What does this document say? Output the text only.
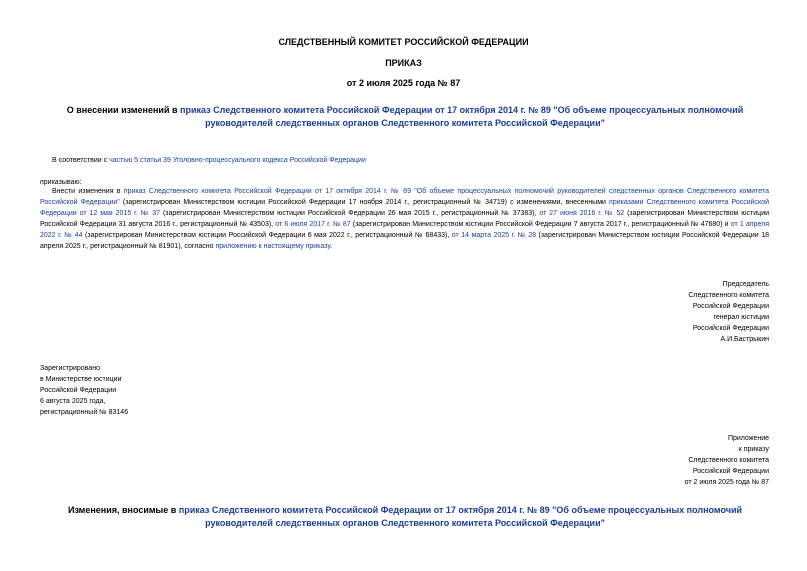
СЛЕДСТВЕННЫЙ КОМИТЕТ РОССИЙСКОЙ ФЕДЕРАЦИИ
ПРИКАЗ
от 2 июля 2025 года № 87
О внесении изменений в приказ Следственного комитета Российской Федерации от 17 октября 2014 г. № 89 "Об объеме процессуальных полномочий руководителей следственных органов Следственного комитета Российской Федерации"
В соответствии с частью 5 статьи 39 Уголовно-процессуального кодекса Российской Федерации
приказываю:
Внести изменения в приказ Следственного комитета Российской Федерации от 17 октября 2014 г. № 89 "Об объеме процессуальных полномочий руководителей следственных органов Следственного комитета Российской Федерации" (зарегистрирован Министерством юстиции Российской Федерации 17 ноября 2014 г., регистрационный № 34719) с изменениями, внесенными приказами Следственного комитета Российской Федерации от 12 мая 2015 г. № 37 (зарегистрирован Министерством юстиции Российской Федерации 26 мая 2015 г., регистрационный № 37383), от 27 июня 2016 г. № 52 (зарегистрирован Министерством юстиции Российской Федерации 31 августа 2016 г., регистрационный № 43503), от 6 июля 2017 г. № 87 (зарегистрирован Министерством юстиции Российской Федерации 7 августа 2017 г., регистрационный № 47680) и от 1 апреля 2022 г. № 44 (зарегистрирован Министерством юстиции Российской Федерации 6 мая 2022 г., регистрационный № 68433), от 14 марта 2025 г. № 28 (зарегистрирован Министерством юстиции Российской Федерации 18 апреля 2025 г., регистрационный № 81901), согласно приложению к настоящему приказу.
Председатель
Следственного комитета
Российской Федерации
генерал юстиции
Российской Федерации
А.И.Бастрыкин
Зарегистрировано
в Министерстве юстиции
Российской Федерации
6 августа 2025 года,
регистрационный № 83146
Приложение
к приказу
Следственного комитета
Российской Федерации
от 2 июля 2025 года № 87
Изменения, вносимые в приказ Следственного комитета Российской Федерации от 17 октября 2014 г. № 89 "Об объеме процессуальных полномочий руководителей следственных органов Следственного комитета Российской Федерации"
